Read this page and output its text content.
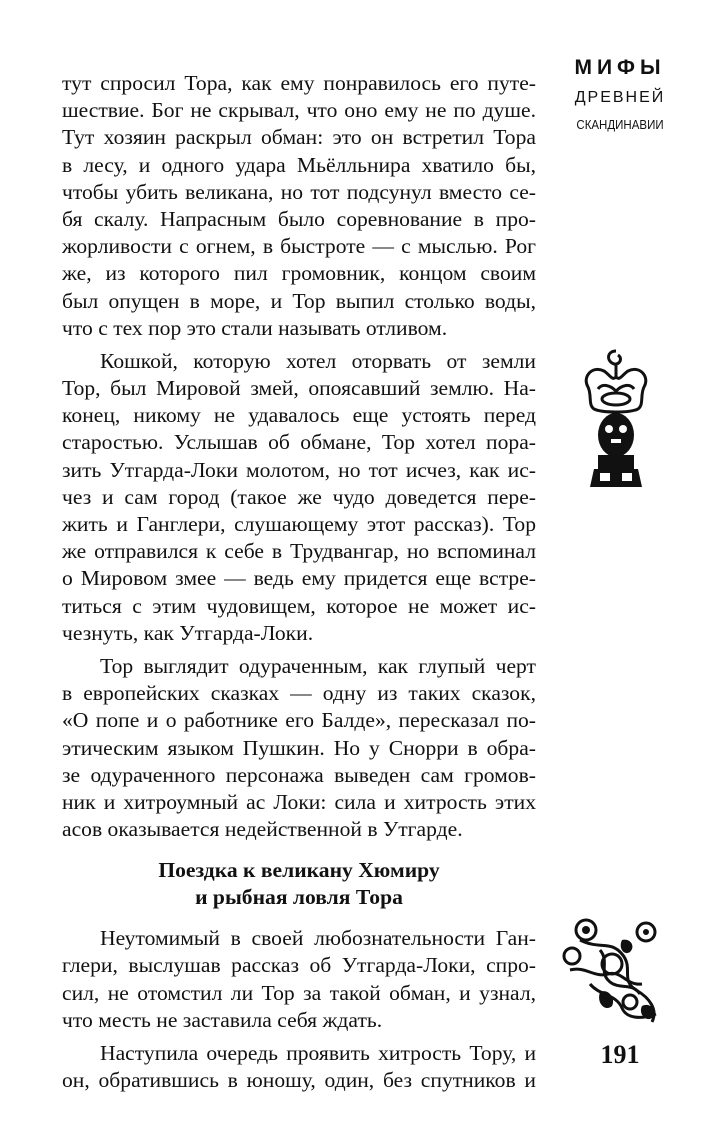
МИФЫ
ДРЕВНЕЙ
СКАНДИНАВИИ
тут спросил Тора, как ему понравилось его путе-
шествие. Бог не скрывал, что оно ему не по душе.
Тут хозяин раскрыл обман: это он встретил Тора
в лесу, и одного удара Мьёлльнира хватило бы,
чтобы убить великана, но тот подсунул вместо се-
бя скалу. Напрасным было соревнование в про-
жорливости с огнем, в быстроте — с мыслью. Рог
же, из которого пил громовник, концом своим
был опущен в море, и Тор выпил столько воды,
что с тех пор это стали называть отливом.
Кошкой, которую хотел оторвать от земли
Тор, был Мировой змей, опоясавший землю. На-
конец, никому не удавалось еще устоять перед
старостью. Услышав об обмане, Тор хотел пора-
зить Утгарда-Локи молотом, но тот исчез, как ис-
чез и сам город (такое же чудо доведется пере-
жить и Ганглери, слушающему этот рассказ). Тор
же отправился к себе в Трудвангар, но вспоминал
о Мировом змее — ведь ему придется еще встре-
титься с этим чудовищем, которое не может ис-
чезнуть, как Утгарда-Локи.
Тор выглядит одураченным, как глупый черт
в европейских сказках — одну из таких сказок,
«О попе и о работнике его Балде», пересказал по-
этическим языком Пушкин. Но у Снорри в обра-
зе одураченного персонажа выведен сам громов-
ник и хитроумный ас Локи: сила и хитрость этих
асов оказывается недейственной в Утгарде.
Поездка к великану Хюмиру
и рыбная ловля Тора
Неутомимый в своей любознательности Ган-
глери, выслушав рассказ об Утгарда-Локи, спро-
сил, не отомстил ли Тор за такой обман, и узнал,
что месть не заставила себя ждать.
Наступила очередь проявить хитрость Тору, и
он, обратившись в юношу, один, без спутников и
191
